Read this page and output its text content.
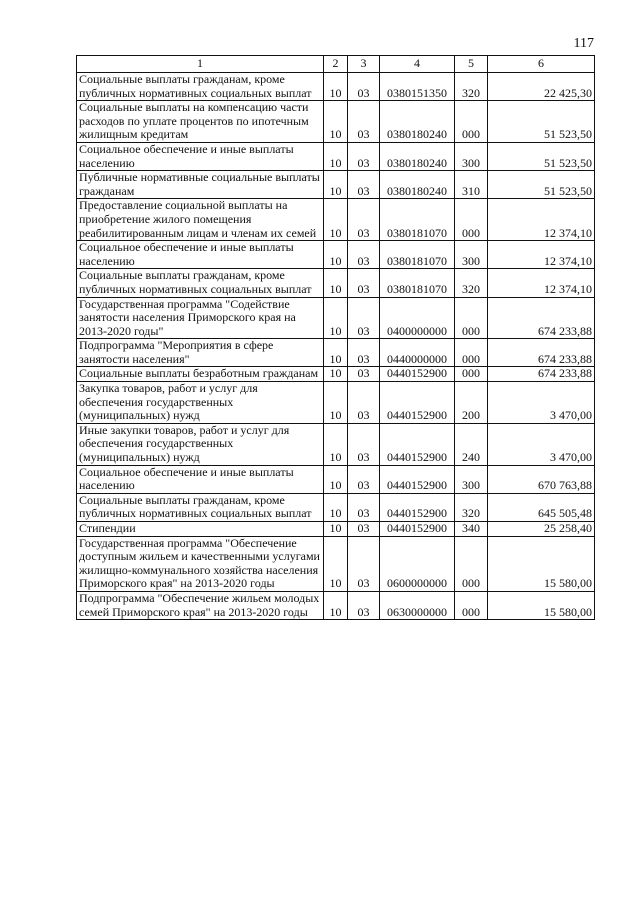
117
1	2	3	4	5	6
Социальные выплаты гражданам, кроме публичных нормативных социальных выплат	10	03	0380151350	320	22 425,30
Социальные выплаты на компенсацию части расходов по уплате процентов по ипотечным жилищным кредитам	10	03	0380180240	000	51 523,50
Социальное обеспечение и иные выплаты населению	10	03	0380180240	300	51 523,50
Публичные нормативные социальные выплаты гражданам	10	03	0380180240	310	51 523,50
Предоставление социальной выплаты на приобретение жилого помещения реабилитированным лицам и членам их семей	10	03	0380181070	000	12 374,10
Социальное обеспечение и иные выплаты населению	10	03	0380181070	300	12 374,10
Социальные выплаты гражданам, кроме публичных нормативных социальных выплат	10	03	0380181070	320	12 374,10
Государственная программа "Содействие занятости населения Приморского края на 2013-2020 годы"	10	03	0400000000	000	674 233,88
Подпрограмма "Мероприятия в сфере занятости населения"	10	03	0440000000	000	674 233,88
Социальные выплаты безработным гражданам	10	03	0440152900	000	674 233,88
Закупка товаров, работ и услуг для обеспечения государственных (муниципальных) нужд	10	03	0440152900	200	3 470,00
Иные закупки товаров, работ и услуг для обеспечения государственных (муниципальных) нужд	10	03	0440152900	240	3 470,00
Социальное обеспечение и иные выплаты населению	10	03	0440152900	300	670 763,88
Социальные выплаты гражданам, кроме публичных нормативных социальных выплат	10	03	0440152900	320	645 505,48
Стипендии	10	03	0440152900	340	25 258,40
Государственная программа "Обеспечение доступным жильем и качественными услугами жилищно-коммунального хозяйства населения Приморского края" на 2013-2020 годы	10	03	0600000000	000	15 580,00
Подпрограмма "Обеспечение жильем молодых семей Приморского края" на 2013-2020 годы	10	03	0630000000	000	15 580,00
